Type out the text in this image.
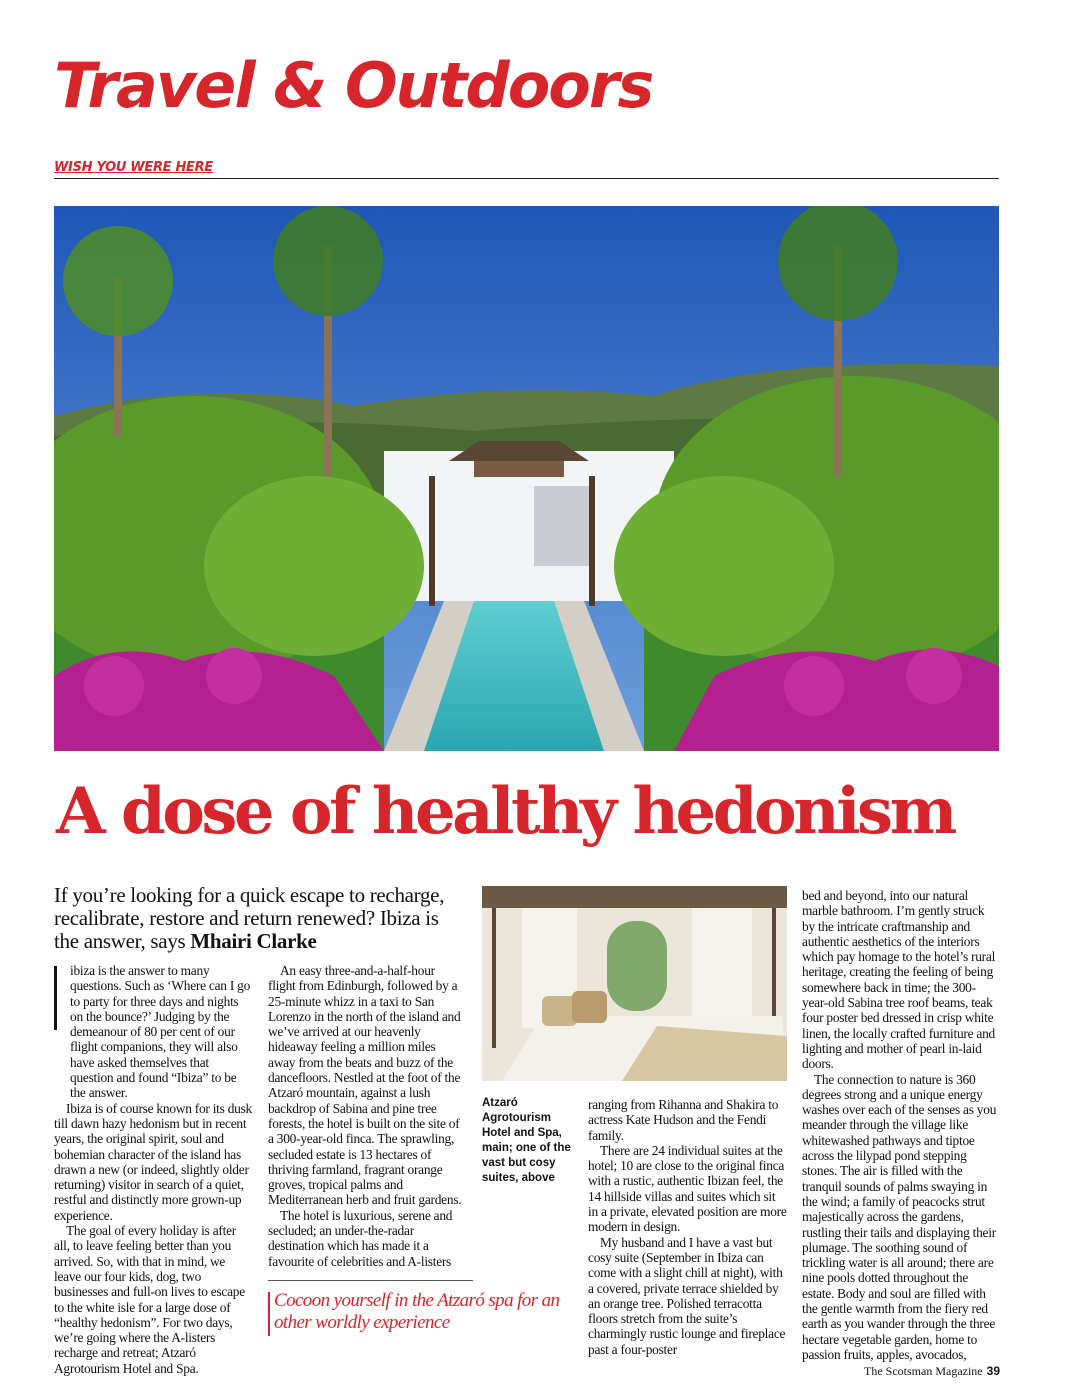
Travel & Outdoors
WISH YOU WERE HERE
A dose of healthy hedonism
If you’re looking for a quick escape to recharge, recalibrate, restore and return renewed? Ibiza is the answer, says Mhairi Clarke

ibiza is the answer to many questions. Such as ‘Where can I go to party for three days and nights on the bounce?’ Judging by the demeanour of 80 per cent of our flight companions, they will also have asked themselves that question and found “Ibiza” to be the answer.

Ibiza is of course known for its dusk till dawn hazy hedonism but in recent years, the original spirit, soul and bohemian character of the island has drawn a new (or indeed, slightly older returning) visitor in search of a quiet, restful and distinctly more grown-up experience.

The goal of every holiday is after all, to leave feeling better than you arrived. So, with that in mind, we leave our four kids, dog, two businesses and full-on lives to escape to the white isle for a large dose of “healthy hedonism”. For two days, we’re going where the A-listers recharge and retreat; Atzaró Agrotourism Hotel and Spa.

An easy three-and-a-half-hour flight from Edinburgh, followed by a 25-minute whizz in a taxi to San Lorenzo in the north of the island and we’ve arrived at our heavenly hideaway feeling a million miles away from the beats and buzz of the dancefloors. Nestled at the foot of the Atzaró mountain, against a lush backdrop of Sabina and pine tree forests, the hotel is built on the site of a 300-year-old finca. The sprawling, secluded estate is 13 hectares of thriving farmland, fragrant orange groves, tropical palms and Mediterranean herb and fruit gardens.

The hotel is luxurious, serene and secluded; an under-the-radar destination which has made it a favourite of celebrities and A-listers

Atzaró Agrotourism Hotel and Spa, main; one of the vast but cosy suites, above

ranging from Rihanna and Shakira to actress Kate Hudson and the Fendi family.

There are 24 individual suites at the hotel; 10 are close to the original finca with a rustic, authentic Ibizan feel, the 14 hillside villas and suites which sit in a private, elevated position are more modern in design.

My husband and I have a vast but cosy suite (September in Ibiza can come with a slight chill at night), with a covered, private terrace shielded by an orange tree. Polished terracotta floors stretch from the suite’s charmingly rustic lounge and fireplace past a four-poster

bed and beyond, into our natural marble bathroom. I’m gently struck by the intricate craftmanship and authentic aesthetics of the interiors which pay homage to the hotel’s rural heritage, creating the feeling of being somewhere back in time; the 300-year-old Sabina tree roof beams, teak four poster bed dressed in crisp white linen, the locally crafted furniture and lighting and mother of pearl in-laid doors.

The connection to nature is 360 degrees strong and a unique energy washes over each of the senses as you meander through the village like whitewashed pathways and tiptoe across the lilypad pond stepping stones. The air is filled with the tranquil sounds of palms swaying in the wind; a family of peacocks strut majestically across the gardens, rustling their tails and displaying their plumage. The soothing sound of trickling water is all around; there are nine pools dotted throughout the estate. Body and soul are filled with the gentle warmth from the fiery red earth as you wander through the three hectare vegetable garden, home to passion fruits, apples, avocados,

Cocoon yourself in the Atzaró spa for an other worldly experience
The Scotsman Magazine 39
